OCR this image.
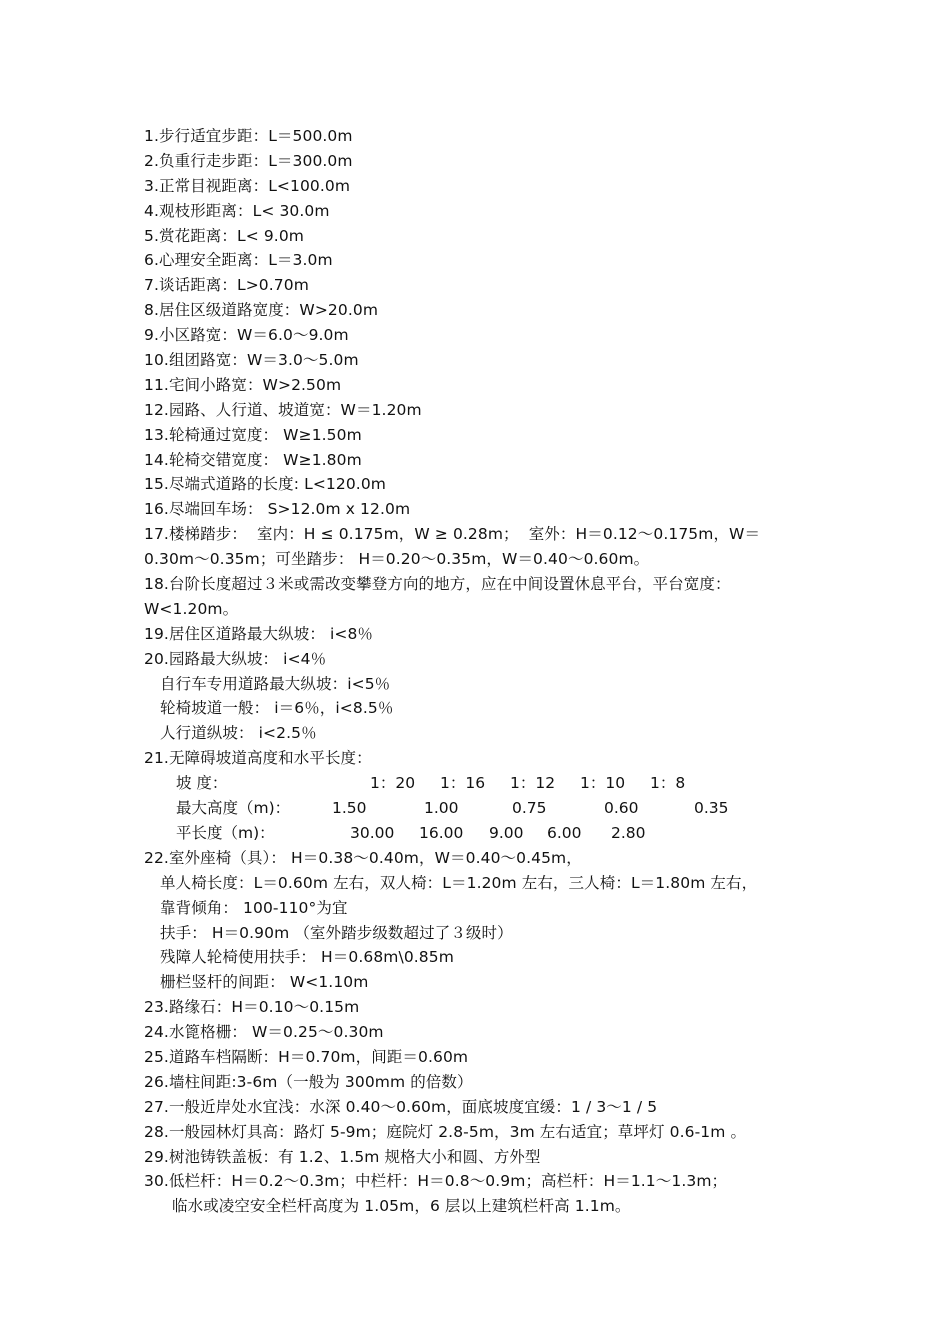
1.步行适宜步距：L＝500.0m
2.负重行走步距：L＝300.0m
3.正常目视距离：L<100.0m
4.观枝形距离：L< 30.0m
5.赏花距离：L< 9.0m
6.心理安全距离：L＝3.0m
7.谈话距离：L>0.70m
8.居住区级道路宽度：W>20.0m
9.小区路宽：W＝6.0～9.0m
10.组团路宽：W＝3.0～5.0m
11.宅间小路宽：W>2.50m
12.园路、人行道、坡道宽：W＝1.20m
13.轮椅通过宽度： W≥1.50m
14.轮椅交错宽度： W≥1.80m
15.尽端式道路的长度: L<120.0m
16.尽端回车场： S>12.0m x 12.0m
17.楼梯踏步：  室内：H ≤ 0.175m，W ≥ 0.28m；  室外：H＝0.12～0.175m，W＝
0.30m～0.35m；可坐踏步： H＝0.20～0.35m，W＝0.40～0.60m。
18.台阶长度超过３米或需改变攀登方向的地方，应在中间设置休息平台，平台宽度：
W<1.20m。
19.居住区道路最大纵坡： i<8％
20.园路最大纵坡： i<4％
自行车专用道路最大纵坡：i<5％
轮椅坡道一般： i＝6％，i<8.5％
人行道纵坡： i<2.5％
21.无障碍坡道高度和水平长度：
坡 度：	1：20 1：16 1：12 1：10 1：8
最大高度（m)：	1.50	1.00	0.75	0.60	0.35
平长度（m)：	30.00 16.00 9.00 6.00 2.80
22.室外座椅（具）： H＝0.38～0.40m，W＝0.40～0.45m，
单人椅长度：L＝0.60m 左右，双人椅：L＝1.20m 左右，三人椅：L＝1.80m 左右，
靠背倾角： 100-110°为宜
扶手： H＝0.90m （室外踏步级数超过了３级时）
残障人轮椅使用扶手： H＝0.68m\0.85m
栅栏竖杆的间距： W<1.10m
23.路缘石：H＝0.10～0.15m
24.水篦格栅： W＝0.25～0.30m
25.道路车档隔断：H＝0.70m，间距＝0.60m
26.墙柱间距:3-6m（一般为 300mm 的倍数）
27.一般近岸处水宜浅：水深 0.40～0.60m，面底坡度宜缓：1 / 3～1 / 5
28.一般园林灯具高：路灯 5-9m；庭院灯 2.8-5m，3m 左右适宜；草坪灯 0.6-1m 。
29.树池铸铁盖板：有 1.2、1.5m 规格大小和圆、方外型
30.低栏杆：H＝0.2～0.3m；中栏杆：H＝0.8～0.9m；高栏杆：H＝1.1～1.3m；
临水或凌空安全栏杆高度为 1.05m，6 层以上建筑栏杆高 1.1m。
